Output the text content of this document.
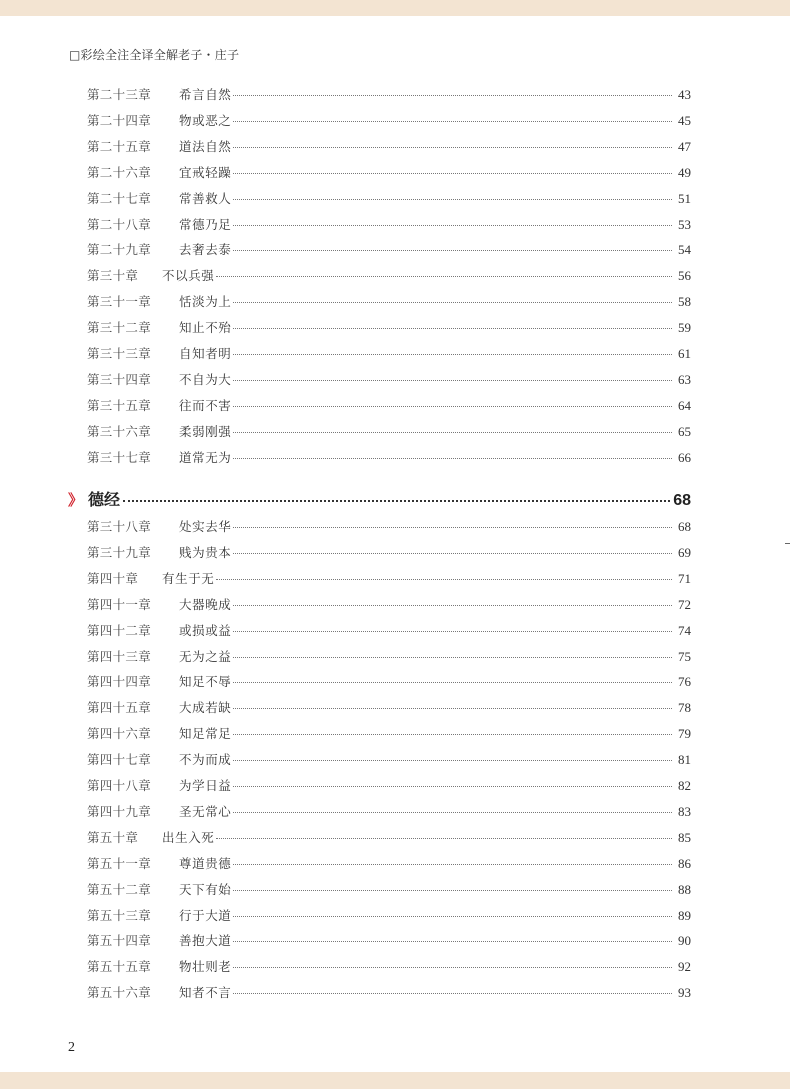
□彩绘全注全译全解老子・庄子
第二十三章	希言自然	43
第二十四章	物或恶之	45
第二十五章	道法自然	47
第二十六章	宜戒轻躁	49
第二十七章	常善救人	51
第二十八章	常德乃足	53
第二十九章	去奢去泰	54
第三十章	不以兵强	56
第三十一章	恬淡为上	58
第三十二章	知止不殆	59
第三十三章	自知者明	61
第三十四章	不自为大	63
第三十五章	往而不害	64
第三十六章	柔弱刚强	65
第三十七章	道常无为	66
》 德经	68
第三十八章	处实去华	68
第三十九章	贱为贵本	69
第四十章	有生于无	71
第四十一章	大器晚成	72
第四十二章	或损或益	74
第四十三章	无为之益	75
第四十四章	知足不辱	76
第四十五章	大成若缺	78
第四十六章	知足常足	79
第四十七章	不为而成	81
第四十八章	为学日益	82
第四十九章	圣无常心	83
第五十章	出生入死	85
第五十一章	尊道贵德	86
第五十二章	天下有始	88
第五十三章	行于大道	89
第五十四章	善抱大道	90
第五十五章	物壮则老	92
第五十六章	知者不言	93
2
